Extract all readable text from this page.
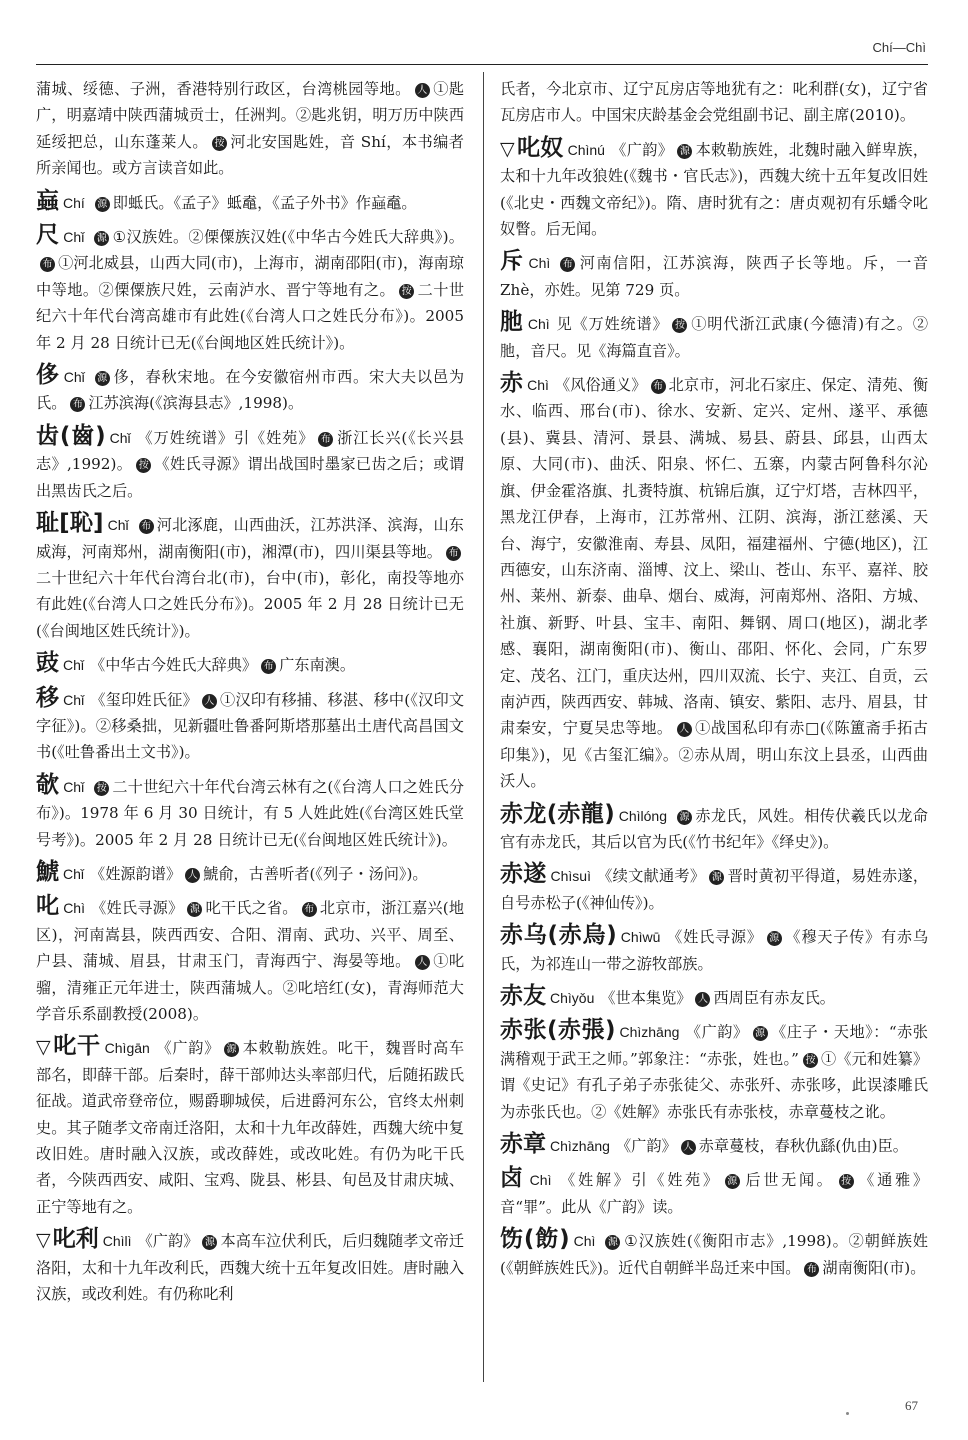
Chí—Chì

蒲城、绥德、子洲，香港特别行政区，台湾桃园等地。 人 ①匙广，明嘉靖中陕西蒲城贡士，任洲判。②匙兆钥，明万历中陕西延绥把总，山东蓬莱人。 按 河北安国匙姓，音 Shí，本书编者所亲闻也。或方言读音如此。

蝱 Chí 源 即蚳氏。《孟子》蚳鼁，《孟子外书》作蝱鼁。

尺 Chǐ 源 ①汉族姓。②傈僳族汉姓(《中华古今姓氏大辞典》)。布 ①河北威县，山西大同(市)，上海市，湖南邵阳(市)，海南琼中等地。②傈僳族尺姓，云南泸水、晋宁等地有之。 按 二十世纪六十年代台湾高雄市有此姓(《台湾人口之姓氏分布》)。2005 年 2 月 28 日统计已无(《台闽地区姓氏统计》)。

侈 Chǐ 源 侈，春秋宋地。在今安徽宿州市西。宋大夫以邑为氏。 布 江苏滨海(《滨海县志》,1998)。

齿(齒) Chǐ 《万姓统谱》引《姓苑》 布 浙江长兴(《长兴县志》,1992)。 按 《姓氏寻源》谓出战国时墨家已齿之后；或谓出黑齿氏之后。

耻[恥] Chǐ 布 河北涿鹿，山西曲沃，江苏洪泽、滨海，山东威海，河南郑州，湖南衡阳(市)，湘潭(市)，四川渠县等地。 布二十世纪六十年代台湾台北(市)，台中(市)，彰化，南投等地亦有此姓(《台湾人口之姓氏分布》)。2005 年 2 月 28 日统计已无(《台闽地区姓氏统计》)。

豉 Chǐ 《中华古今姓氏大辞典》 布 广东南澳。

移 Chǐ 《玺印姓氏征》 人 ①汉印有移捕、移湛、移中(《汉印文字征》)。②移桑拙，见新疆吐鲁番阿斯塔那墓出土唐代高昌国文书(《吐鲁番出土文书》)。

欹 Chǐ 按 二十世纪六十年代台湾云林有之(《台湾人口之姓氏分布》)。1978 年 6 月 30 日统计，有 5 人姓此姓(《台湾区姓氏堂号考》)。2005 年 2 月 28 日统计已无(《台闽地区姓氏统计》)。

鯱 Chǐ 《姓源韵谱》 人 鯱俞，古善听者(《列子・汤问》)。

叱 Chì 《姓氏寻源》 源 叱干氏之省。 布 北京市，浙江嘉兴(地区)，河南嵩县，陕西西安、合阳、渭南、武功、兴平、周至、户县、蒲城、眉县，甘肃玉门，青海西宁、海晏等地。 人 ①叱骝，清雍正元年进士，陕西蒲城人。②叱培红(女)，青海师范大学音乐系副教授(2008)。

▽叱干 Chìgān 《广韵》 源 本敕勒族姓。叱干，魏晋时高车部名，即薛干部。后秦时，薛干部帅达头率部归代，后随拓跋氏征战。道武帝登帝位，赐爵聊城侯，后进爵河东公，官终太州刺史。其子随孝文帝南迁洛阳，太和十九年改薛姓，西魏大统中复改旧姓。唐时融入汉族，或改薛姓，或改叱姓。有仍为叱干氏者，今陕西西安、咸阳、宝鸡、陇县、彬县、旬邑及甘肃庆城、正宁等地有之。

▽叱利 Chìlì 《广韵》 源 本高车泣伏利氏，后归魏随孝文帝迁洛阳，太和十九年改利氏，西魏大统十五年复改旧姓。唐时融入汉族，或改利姓。有仍称叱利

氏者，今北京市、辽宁瓦房店等地犹有之：叱利群(女)，辽宁省瓦房店市人。中国宋庆龄基金会党组副书记、副主席(2010)。

▽叱奴 Chìnú 《广韵》 源 本敕勒族姓，北魏时融入鲜卑族，太和十九年改狼姓(《魏书・官氏志》)，西魏大统十五年复改旧姓(《北史・西魏文帝纪》)。隋、唐时犹有之：唐贞观初有乐蟠令叱奴瞥。后无闻。

斥 Chì 布 河南信阳，江苏滨海，陕西子长等地。斥，一音 Zhè，亦姓。见第 729 页。

肔 Chì 见《万姓统谱》 按 ①明代浙江武康(今德清)有之。②肔，音尺。见《海篇直音》。

赤 Chì 《风俗通义》 布 北京市，河北石家庄、保定、清苑、衡水、临西、邢台(市)、徐水、安新、定兴、定州、遂平、承德(县)、冀县、清河、景县、满城、易县、蔚县、邱县，山西太原、大同(市)、曲沃、阳泉、怀仁、五寨，内蒙古阿鲁科尔沁旗、伊金霍洛旗、扎赉特旗、杭锦后旗，辽宁灯塔，吉林四平，黑龙江伊春，上海市，江苏常州、江阴、滨海，浙江慈溪、天台、海宁，安徽淮南、寿县、凤阳，福建福州、宁德(地区)，江西德安，山东济南、淄博、汶上、梁山、苍山、东平、嘉祥、胶州、莱州、新泰、曲阜、烟台、威海，河南郑州、洛阳、方城、社旗、新野、叶县、宝丰、南阳、舞钢、周口(地区)，湖北孝感、襄阳，湖南衡阳(市)、衡山、邵阳、怀化、会同，广东罗定、茂名、江门，重庆达州，四川双流、长宁、夹江、自贡，云南泸西，陕西西安、韩城、洛南、镇安、紫阳、志丹、眉县，甘肃秦安，宁夏吴忠等地。 人 ①战国私印有赤□(《陈簠斋手拓古印集》)，见《古玺汇编》。②赤从周，明山东汶上县丞，山西曲沃人。

赤龙(赤龍) Chìlóng 源 赤龙氏，风姓。相传伏羲氏以龙命官有赤龙氏，其后以官为氏(《竹书纪年》《绎史》)。

赤遂 Chìsuì 《续文献通考》 源 晋时黄初平得道，易姓赤遂，自号赤松子(《神仙传》)。

赤乌(赤烏) Chìwū 《姓氏寻源》 源 《穆天子传》有赤乌氏，为祁连山一带之游牧部族。

赤友 Chìyǒu 《世本集览》 人 西周臣有赤友氏。

赤张(赤張) Chìzhāng 《广韵》 源 《庄子・天地》：“赤张满稽观于武王之师。”郭象注：“赤张，姓也。” 按 ①《元和姓纂》谓《史记》有孔子弟子赤张徒父、赤张歼、赤张哆，此误漆雕氏为赤张氏也。②《姓解》赤张氏有赤张枝，赤章蔓枝之讹。

赤章 Chìzhāng 《广韵》 人 赤章蔓枝，春秋仇繇(仇由)臣。

卤 Chì 《姓解》引《姓苑》 源 后世无闻。 按 《通雅》音“罪”。此从《广韵》读。

饬(飭) Chì 源 ①汉族姓(《衡阳市志》,1998)。②朝鲜族姓(《朝鲜族姓氏》)。近代自朝鲜半岛迁来中国。 布 湖南衡阳(市)。

67
